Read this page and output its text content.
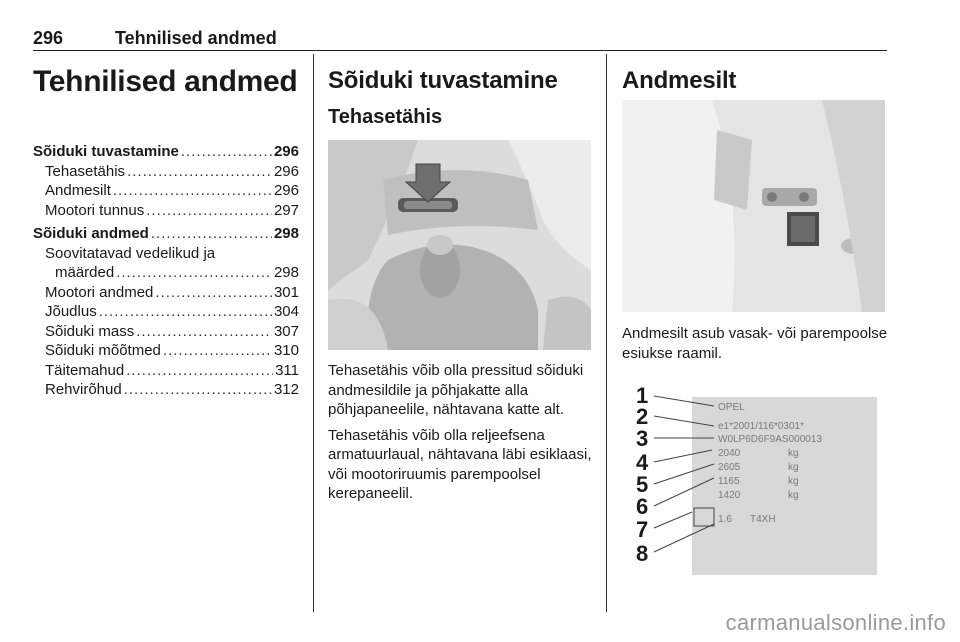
296	Tehnilised andmed
Tehnilised andmed
Sõiduki tuvastamine .....	296
Tehasetähis .....	296
Andmesilt .....	296
Mootori tunnus .....	297
Sõiduki andmed .....	298
Soovitatavad vedelikud ja
määrded .....	298
Mootori andmed .....	301
Jõudlus .....	304
Sõiduki mass .....	307
Sõiduki mõõtmed .....	310
Täitemahud .....	311
Rehvirõhud .....	312
Sõiduki tuvastamine
Tehasetähis

Tehasetähis võib olla pressitud sõiduki andmesildile ja põhjakatte alla põhjapaneelile, nähtavana katte alt.

Tehasetähis võib olla reljeefsena armatuurlaual, nähtavana läbi esiklaasi, või mootoriruumis parempoolsel kerepaneelil.

Andmesilt

Andmesilt asub vasak- või parempoolse esiukse raamil.

OPEL
e1*2001/116*0301*
W0LP6D6F9AS000013
2040	kg
2605	kg
1165	kg
1420	kg
1.6 T4XH
1
2
3
4
5
6
7
8
carmanualsonline.info
